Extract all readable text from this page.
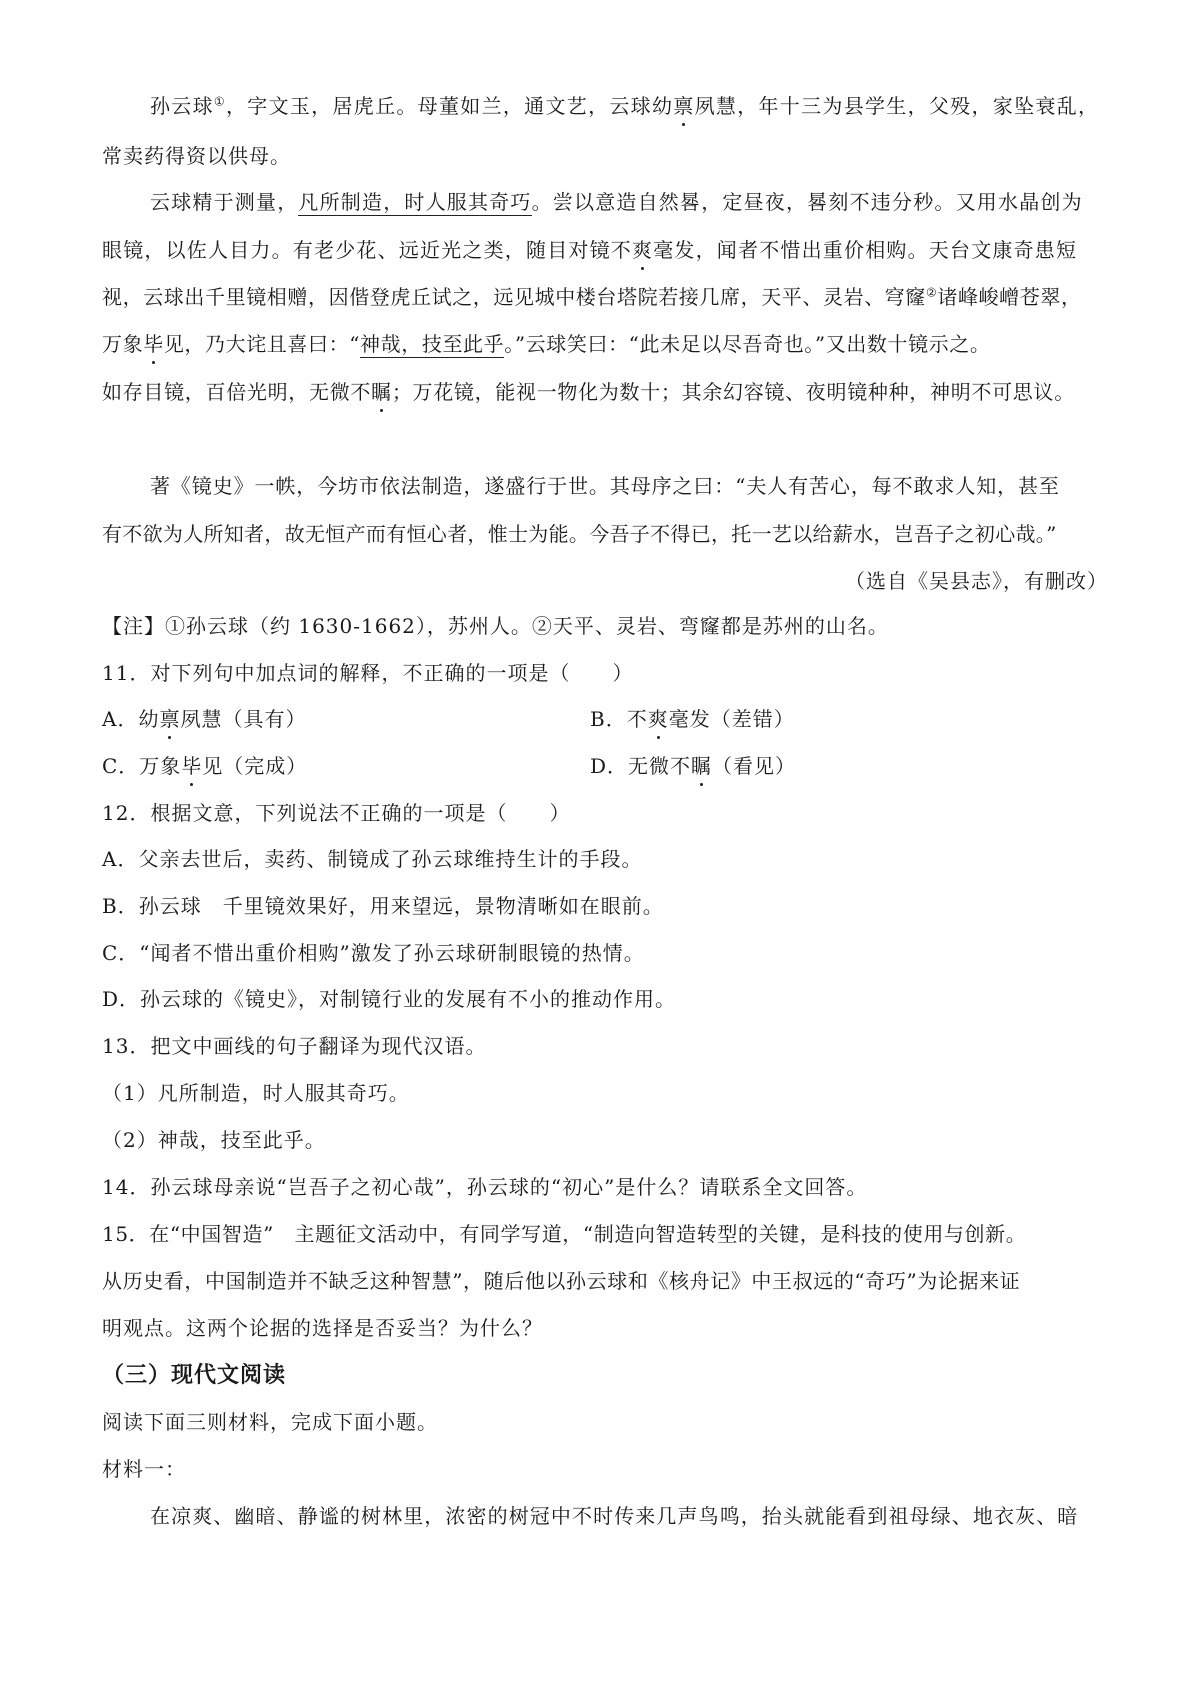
孙云球①，字文玉，居虎丘。母董如兰，通文艺，云球幼禀夙慧，年十三为县学生，父殁，家坠衰乱，
常卖药得资以供母。
云球精于测量，凡所制造，时人服其奇巧。尝以意造自然晷，定昼夜，晷刻不违分秒。又用水晶创为
眼镜，以佐人目力。有老少花、远近光之类，随目对镜不爽毫发，闻者不惜出重价相购。天台文康奇患短
视，云球出千里镜相赠，因偕登虎丘试之，远见城中楼台塔院若接几席，天平、灵岩、穹窿②诸峰峻嶒苍翠，
万象毕见，乃大诧且喜曰：“神哉，技至此乎。”云球笑曰：“此未足以尽吾奇也。”又出数十镜示之。
如存目镜，百倍光明，无微不瞩；万花镜，能视一物化为数十；其余幻容镜、夜明镜种种，神明不可思议。
著《镜史》一帙，今坊市依法制造，遂盛行于世。其母序之曰：“夫人有苦心，每不敢求人知，甚至
有不欲为人所知者，故无恒产而有恒心者，惟士为能。今吾子不得已，托一艺以给薪水，岂吾子之初心哉。”
（选自《吴县志》，有删改）
【注】①孙云球（约 1630-1662），苏州人。②天平、灵岩、弯窿都是苏州的山名。
11．对下列句中加点词的解释，不正确的一项是（　　）
A．幼禀夙慧（具有）	B．不爽毫发（差错）
C．万象毕见（完成）	D．无微不瞩（看见）
12．根据文意，下列说法不正确的一项是（　　）
A．父亲去世后，卖药、制镜成了孙云球维持生计的手段。
B．孙云球　千里镜效果好，用来望远，景物清晰如在眼前。
C．“闻者不惜出重价相购”激发了孙云球研制眼镜的热情。
D．孙云球的《镜史》，对制镜行业的发展有不小的推动作用。
13．把文中画线的句子翻译为现代汉语。
（1）凡所制造，时人服其奇巧。
（2）神哉，技至此乎。
14．孙云球母亲说“岂吾子之初心哉”，孙云球的“初心”是什么？请联系全文回答。
15．在“中国智造”　主题征文活动中，有同学写道，“制造向智造转型的关键，是科技的使用与创新。
从历史看，中国制造并不缺乏这种智慧”，随后他以孙云球和《核舟记》中王叔远的“奇巧”为论据来证
明观点。这两个论据的选择是否妥当？为什么？
（三）现代文阅读
阅读下面三则材料，完成下面小题。
材料一：
在凉爽、幽暗、静谧的树林里，浓密的树冠中不时传来几声鸟鸣，抬头就能看到祖母绿、地衣灰、暗
